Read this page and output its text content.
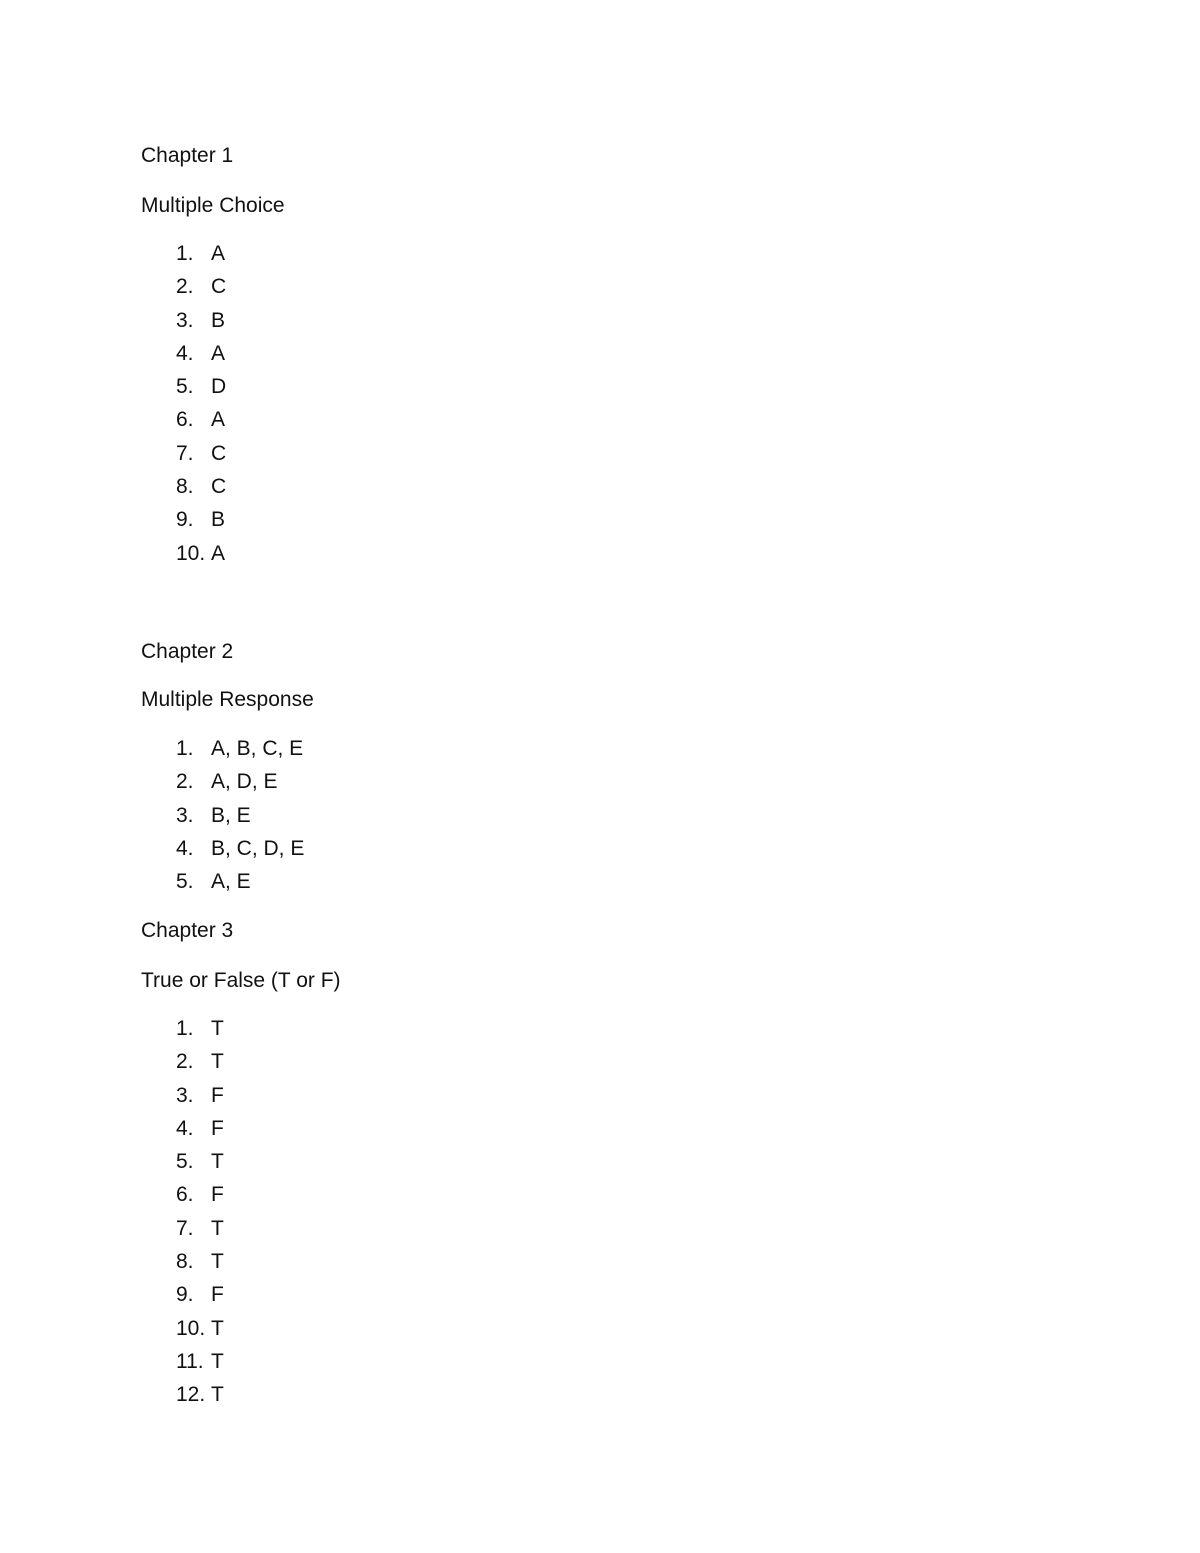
Chapter 1
Multiple Choice
1. A
2. C
3. B
4. A
5. D
6. A
7. C
8. C
9. B
10. A
Chapter 2
Multiple Response
1. A, B, C, E
2. A, D, E
3. B, E
4. B, C, D, E
5. A, E
Chapter 3
True or False (T or F)
1. T
2. T
3. F
4. F
5. T
6. F
7. T
8. T
9. F
10. T
11. T
12. T
